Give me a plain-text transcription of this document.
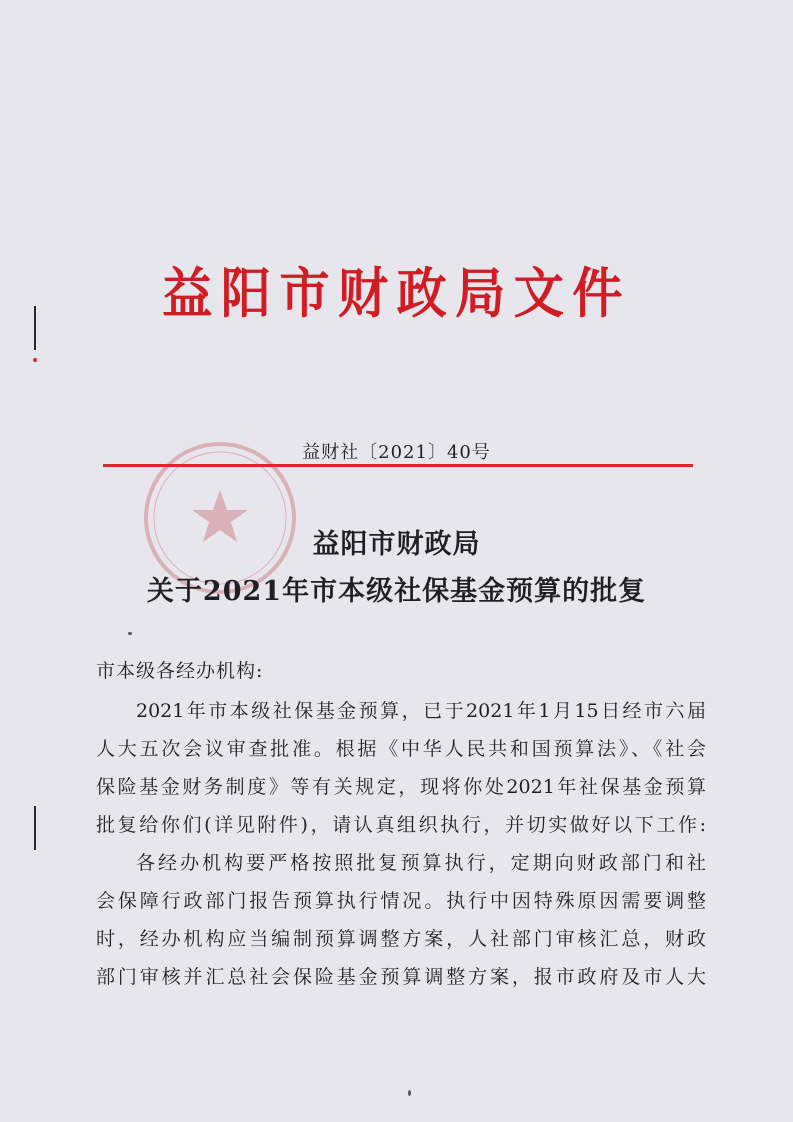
益阳市财政局文件
益财社〔2021〕40号
益阳市财政局
关于2021年市本级社保基金预算的批复
市本级各经办机构:
2021年市本级社保基金预算，已于2021年1月15日经市六届
人大五次会议审查批准。根据《中华人民共和国预算法》、《社会
保险基金财务制度》等有关规定，现将你处2021年社保基金预算
批复给你们(详见附件)，请认真组织执行，并切实做好以下工作:
各经办机构要严格按照批复预算执行，定期向财政部门和社
会保障行政部门报告预算执行情况。执行中因特殊原因需要调整
时，经办机构应当编制预算调整方案，人社部门审核汇总，财政
部门审核并汇总社会保险基金预算调整方案，报市政府及市人大
